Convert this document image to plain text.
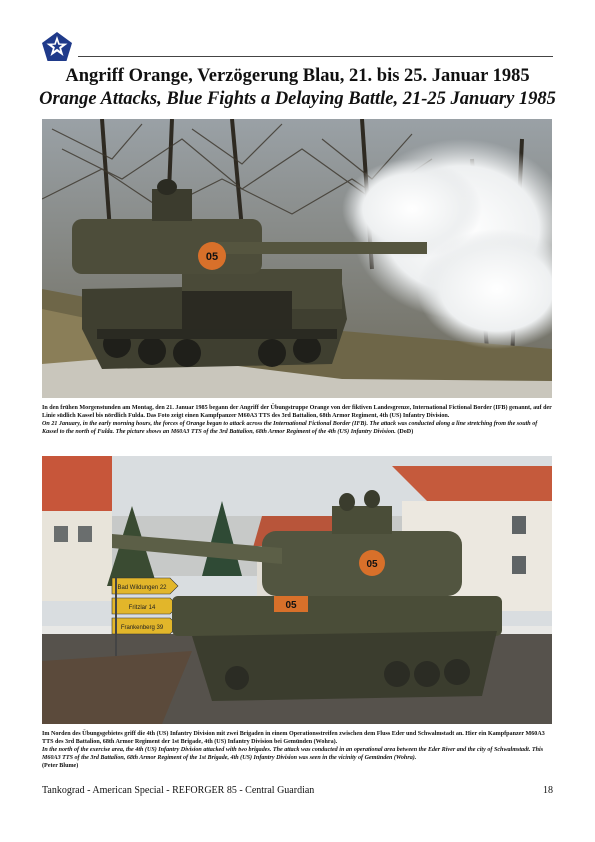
Angriff Orange, Verzögerung Blau, 21. bis 25. Januar 1985
Orange Attacks, Blue Fights a Delaying Battle, 21-25 January 1985
05

In den frühen Morgenstunden am Montag, den 21. Januar 1985 begann der Angriff der Übungstruppe Orange von der fiktiven Landesgrenze, International Fictional Border (IFB) genannt, auf der Linie südlich Kassel bis nördlich Fulda. Das Foto zeigt einen Kampfpanzer M60A3 TTS des 3rd Battalion, 68th Armor Regiment, 4th (US) Infantry Division.

On 21 January, in the early morning hours, the forces of Orange began to attack across the International Fictional Border (IFB). The attack was conducted along a line stretching from the south of Kassel to the north of Fulda. The picture shows an M60A3 TTS of the 3rd Battalion, 68th Armor Regiment of the 4th (US) Infantry Division. (DoD)

Bad Wildungen 22
Fritzlar 14
Frankenberg 39
05
05

Im Norden des Übungsgebietes griff die 4th (US) Infantry Division mit zwei Brigaden in einem Operationsstreifen zwischen dem Fluss Eder und Schwalmstadt an. Hier ein Kampfpanzer M60A3 TTS des 3rd Battalion, 68th Armor Regiment der 1st Brigade, 4th (US) Infantry Division bei Gemünden (Wohra).

In the north of the exercise area, the 4th (US) Infantry Division attacked with two brigades. The attack was conducted in an operational area between the Eder River and the city of Schwalmstadt. This M60A3 TTS of the 3rd Battalion, 68th Armor Regiment of the 1st Brigade, 4th (US) Infantry Division was seen in the vicinity of Gemünden (Wohra).

(Peter Blume)

Tankograd - American Special - REFORGER 85 - Central Guardian	18
